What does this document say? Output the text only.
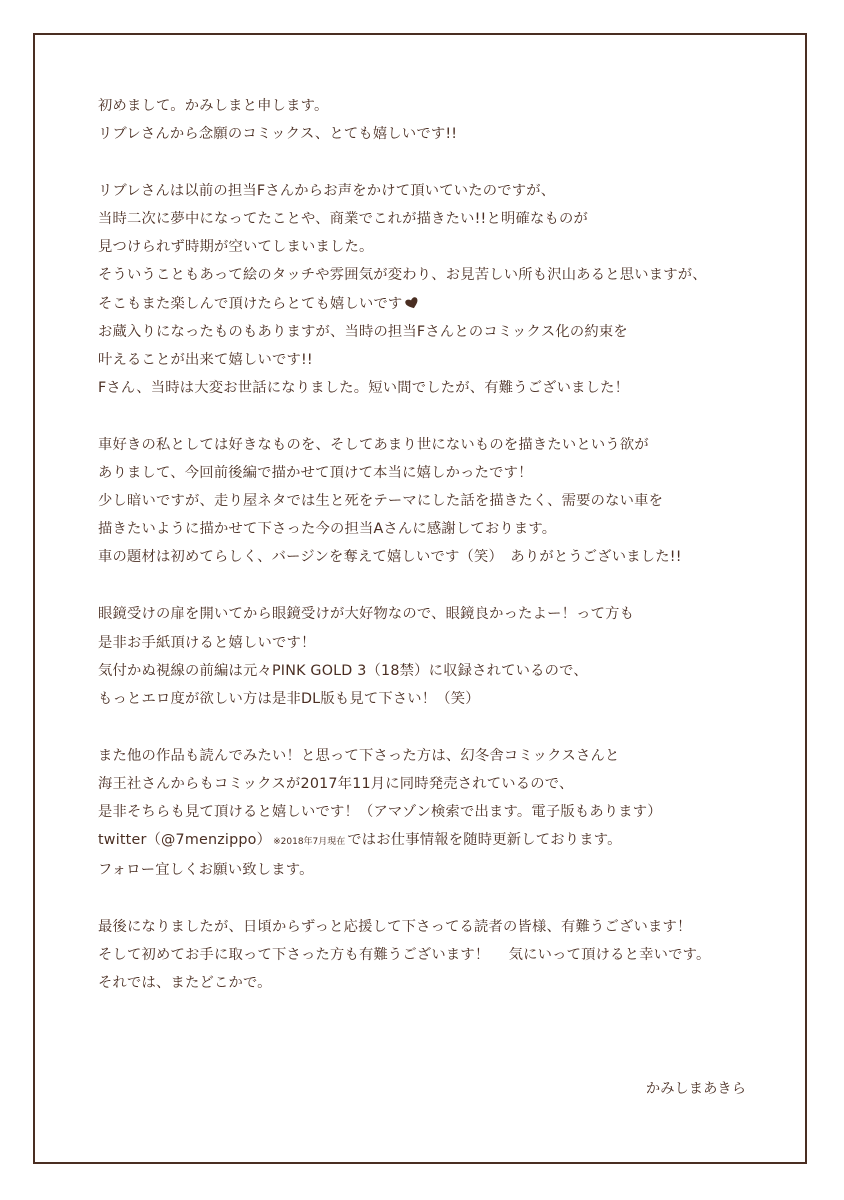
初めまして。かみしまと申します。
リブレさんから念願のコミックス、とても嬉しいです!!
リブレさんは以前の担当Fさんからお声をかけて頂いていたのですが、
当時二次に夢中になってたことや、商業でこれが描きたい!!と明確なものが
見つけられず時期が空いてしまいました。
そういうこともあって絵のタッチや雰囲気が変わり、お見苦しい所も沢山あると思いますが、
そこもまた楽しんで頂けたらとても嬉しいです
お蔵入りになったものもありますが、当時の担当Fさんとのコミックス化の約束を
叶えることが出来て嬉しいです!!
Fさん、当時は大変お世話になりました。短い間でしたが、有難うございました！
車好きの私としては好きなものを、そしてあまり世にないものを描きたいという欲が
ありまして、今回前後編で描かせて頂けて本当に嬉しかったです！
少し暗いですが、走り屋ネタでは生と死をテーマにした話を描きたく、需要のない車を
描きたいように描かせて下さった今の担当Aさんに感謝しております。
車の題材は初めてらしく、バージンを奪えて嬉しいです（笑）　ありがとうございました!!
眼鏡受けの扉を開いてから眼鏡受けが大好物なので、眼鏡良かったよー！って方も
是非お手紙頂けると嬉しいです！
気付かぬ視線の前編は元々PINK GOLD 3（18禁）に収録されているので、
もっとエロ度が欲しい方は是非DL版も見て下さい！（笑）
また他の作品も読んでみたい！と思って下さった方は、幻冬舎コミックスさんと
海王社さんからもコミックスが2017年11月に同時発売されているので、
是非そちらも見て頂けると嬉しいです！（アマゾン検索で出ます。電子版もあります）
twitter（@7menzippo） ※2018年7月現在 ではお仕事情報を随時更新しております。
フォロー宜しくお願い致します。
最後になりましたが、日頃からずっと応援して下さってる読者の皆様、有難うございます！
そして初めてお手に取って下さった方も有難うございます！　 気にいって頂けると幸いです。
それでは、またどこかで。
かみしまあきら
